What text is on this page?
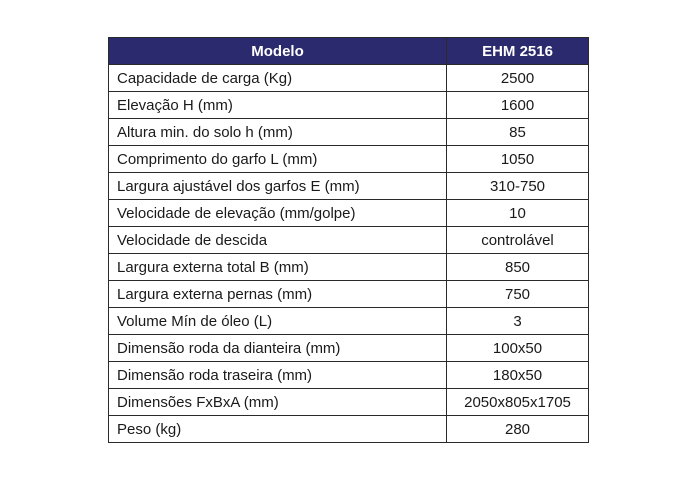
Modelo	EHM 2516
Capacidade de carga (Kg)	2500
Elevação H (mm)	1600
Altura min. do solo h (mm)	85
Comprimento do garfo L (mm)	1050
Largura ajustável dos garfos E (mm)	310-750
Velocidade de elevação (mm/golpe)	10
Velocidade de descida	controlável
Largura externa total B (mm)	850
Largura externa pernas (mm)	750
Volume Mín de óleo (L)	3
Dimensão roda da dianteira (mm)	100x50
Dimensão roda traseira (mm)	180x50
Dimensões FxBxA (mm)	2050x805x1705
Peso (kg)	280
